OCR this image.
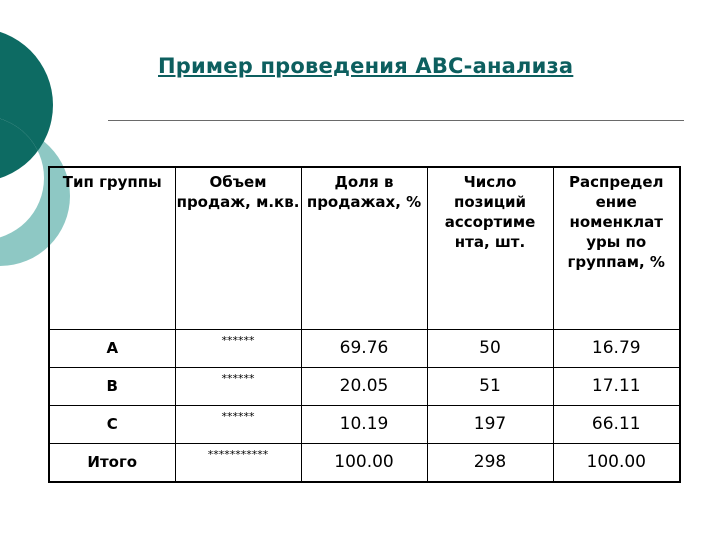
Пример проведения АВС-анализа
Тип группы	Объем продаж, м.кв.	Доля в продажах, %	Число позиций ассортиме нта, шт.	Распредел ение номенклат уры по группам, %
А	******	69.76	50	16.79
В	******	20.05	51	17.11
С	******	10.19	197	66.11
Итого	***********	100.00	298	100.00
